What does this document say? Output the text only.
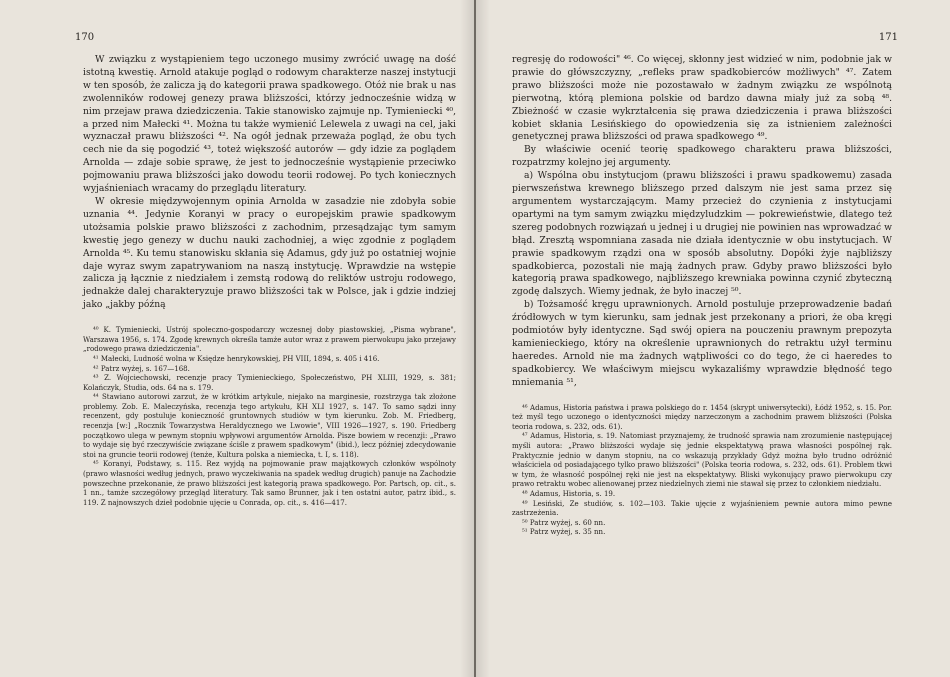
170

W związku z wystąpieniem tego uczonego musimy zwrócić uwagę na dość istotną kwestię. Arnold atakuje pogląd o rodowym charakterze naszej instytucji w ten sposób, że zalicza ją do kategorii prawa spadkowego. Otóż nie brak u nas zwolenników rodowej genezy prawa bliższości, którzy jednocześnie widzą w nim przejaw prawa dziedziczenia. Takie stanowisko zajmuje np. Tymieniecki ⁴⁰, a przed nim Małecki ⁴¹. Można tu także wymienić Lelewela z uwagi na cel, jaki wyznaczał prawu bliższości ⁴². Na ogół jednak przeważa pogląd, że obu tych cech nie da się pogodzić ⁴³, toteż większość autorów — gdy idzie za poglądem Arnolda — zdaje sobie sprawę, że jest to jednocześnie wystąpienie przeciwko pojmowaniu prawa bliższości jako dowodu teorii rodowej. Po tych koniecznych wyjaśnieniach wracamy do przeglądu literatury.

W okresie międzywojennym opinia Arnolda w zasadzie nie zdobyła sobie uznania ⁴⁴. Jedynie Koranyi w pracy o europejskim prawie spadkowym utożsamia polskie prawo bliższości z zachodnim, przesądzając tym samym kwestię jego genezy w duchu nauki zachodniej, a więc zgodnie z poglądem Arnolda ⁴⁵. Ku temu stanowisku skłania się Adamus, gdy już po ostatniej wojnie daje wyraz swym zapatrywaniom na naszą instytucję. Wprawdzie na wstępie zalicza ją łącznie z niedziałem i zemstą rodową do reliktów ustroju rodowego, jednakże dalej charakteryzuje prawo bliższości tak w Polsce, jak i gdzie indziej jako „jakby późną

⁴⁰ K. Tymieniecki, Ustrój społeczno-gospodarczy wczesnej doby piastowskiej, „Pisma wybrane", Warszawa 1956, s. 174. Zgodę krewnych określa tamże autor wraz z prawem pierwokupu jako przejawy „rodowego prawa dziedziczenia".

⁴¹ Małecki, Ludność wolna w Księdze henrykowskiej, PH VIII, 1894, s. 405 i 416.

⁴² Patrz wyżej, s. 167—168.

⁴³ Z. Wojciechowski, recenzje pracy Tymienieckiego, Społeczeństwo, PH XLIII, 1929, s. 381; Kolańczyk, Studia, ods. 64 na s. 179.

⁴⁴ Stawiano autorowi zarzut, że w krótkim artykule, niejako na marginesie, rozstrzyga tak złożone problemy. Zob. E. Maleczyńska, recenzja tego artykułu, KH XLI 1927, s. 147. To samo sądzi inny recenzent, gdy postuluje konieczność gruntownych studiów w tym kierunku. Zob. M. Friedberg, recenzja [w:] „Rocznik Towarzystwa Heraldycznego we Lwowie", VIII 1926—1927, s. 190. Friedberg początkowo ulega w pewnym stopniu wpływowi argumentów Arnolda. Pisze bowiem w recenzji: „Prawo to wydaje się być rzeczywiście związane ściśle z prawem spadkowym" (ibid.), lecz później zdecydowanie stoi na gruncie teorii rodowej (tenże, Kultura polska a niemiecka, t. I, s. 118).

⁴⁵ Koranyi, Podstawy, s. 115. Rez wyjdą na pojmowanie praw majątkowych członków wspólnoty (prawo własności według jednych, prawo wyczekiwania na spadek według drugich) panuje na Zachodzie powszechne przekonanie, że prawo bliższości jest kategorią prawa spadkowego. Por. Partsch, op. cit., s. 1 nn., tamże szczegółowy przegląd literatury. Tak samo Brunner, jak i ten ostatni autor, patrz ibid., s. 119. Z najnowszych dzieł podobnie ujęcie u Conrada, op. cit., s. 416—417.

171

regresję do rodowości" ⁴⁶. Co więcej, skłonny jest widzieć w nim, podobnie jak w prawie do główszczyzny, „refleks praw spadkobierców możliwych" ⁴⁷. Zatem prawo bliższości może nie pozostawało w żadnym związku ze wspólnotą pierwotną, którą plemiona polskie od bardzo dawna miały już za sobą ⁴⁸. Zbieżność w czasie wykrztałcenia się prawa dziedziczenia i prawa bliższości kobiet skłania Lesińskiego do opowiedzenia się za istnieniem zależności genetycznej prawa bliższości od prawa spadkowego ⁴⁹.

By właściwie ocenić teorię spadkowego charakteru prawa bliższości, rozpatrzmy kolejno jej argumenty.

a) Wspólna obu instytucjom (prawu bliższości i prawu spadkowemu) zasada pierwszeństwa krewnego bliższego przed dalszym nie jest sama przez się argumentem wystarczającym. Mamy przecież do czynienia z instytucjami opartymi na tym samym związku międzyludzkim — pokrewieństwie, dlatego też szereg podobnych rozwiązań u jednej i u drugiej nie powinien nas wprowadzać w błąd. Zresztą wspomniana zasada nie działa identycznie w obu instytucjach. W prawie spadkowym rządzi ona w sposób absolutny. Dopóki żyje najbliższy spadkobierca, pozostali nie mają żadnych praw. Gdyby prawo bliższości było kategorią prawa spadkowego, najbliższego krewniaka powinna czynić zbyteczną zgodę dalszych. Wiemy jednak, że było inaczej ⁵⁰.

b) Tożsamość kręgu uprawnionych. Arnold postuluje przeprowadzenie badań źródłowych w tym kierunku, sam jednak jest przekonany a priori, że oba kręgi podmiotów były identyczne. Sąd swój opiera na pouczeniu prawnym prepozyta kamienieckiego, który na określenie uprawnionych do retraktu użył terminu haeredes. Arnold nie ma żadnych wątpliwości co do tego, że ci haeredes to spadkobiercy. We właściwym miejscu wykazaliśmy wprawdzie błędność tego mniemania ⁵¹,

⁴⁶ Adamus, Historia państwa i prawa polskiego do r. 1454 (skrypt uniwersytecki), Łódź 1952, s. 15. Por. też myśl tego uczonego o identyczności między narzeczonym a zachodnim prawem bliższości (Polska teoria rodowa, s. 232, ods. 61).

⁴⁷ Adamus, Historia, s. 19. Natomiast przyznajemy, że trudność sprawia nam zrozumienie następującej myśli autora: „Prawo bliższości wydaje się jednie ekspektatywą prawa własności pospólnej rąk. Praktycznie jednio w danym stopniu, na co wskazują przykłady Gdyż można było trudno odróżnić właściciela od posiadającego tylko prawo bliższości" (Polska teoria rodowa, s. 232, ods. 61). Problem tkwi w tym, że własność pospólnej ręki nie jest na ekspektatywy. Bliski wykonujący prawo pierwokupu czy prawo retraktu wobec alienowanej przez niedzielnych ziemi nie stawał się przez to członkiem niedziału.

⁴⁸ Adamus, Historia, s. 19.

⁴⁹ Lesiński, Ze studiów, s. 102—103. Takie ujęcie z wyjaśnieniem pewnie autora mimo pewne zastrzeżenia.

⁵⁰ Patrz wyżej, s. 60 nn.

⁵¹ Patrz wyżej, s. 35 nn.
